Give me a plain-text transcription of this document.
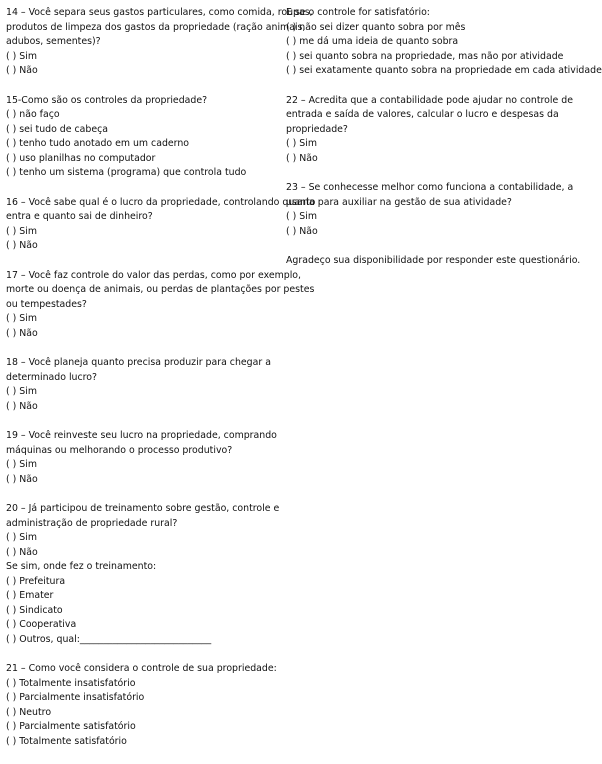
14 – Você separa seus gastos particulares, como comida, roupas,
produtos de limpeza dos gastos da propriedade (ração animais,
adubos, sementes)?
( ) Sim
( ) Não
15-Como são os controles da propriedade?
( ) não faço
( ) sei tudo de cabeça
( ) tenho tudo anotado em um caderno
( ) uso planilhas no computador
( ) tenho um sistema (programa) que controla tudo
16 – Você sabe qual é o lucro da propriedade, controlando quanto
entra e quanto sai de dinheiro?
( ) Sim
( ) Não
17 – Você faz controle do valor das perdas, como por exemplo,
morte ou doença de animais, ou perdas de plantações por pestes
ou tempestades?
( ) Sim
( ) Não
18 – Você planeja quanto precisa produzir para chegar a
determinado lucro?
( ) Sim
( ) Não
19 – Você reinveste seu lucro na propriedade, comprando
máquinas ou melhorando o processo produtivo?
( ) Sim
( ) Não
20 – Já participou de treinamento sobre gestão, controle e
administração de propriedade rural?
( ) Sim
( ) Não
Se sim, onde fez o treinamento:
( ) Prefeitura
( ) Emater
( ) Sindicato
( ) Cooperativa
( ) Outros, qual:____________________________
21 – Como você considera o controle de sua propriedade:
( ) Totalmente insatisfatório
( ) Parcialmente insatisfatório
( ) Neutro
( ) Parcialmente satisfatório
( ) Totalmente satisfatório
E se o controle for satisfatório:
( ) não sei dizer quanto sobra por mês
( ) me dá uma ideia de quanto sobra
( ) sei quanto sobra na propriedade, mas não por atividade
( ) sei exatamente quanto sobra na propriedade em cada atividade
22 – Acredita que a contabilidade pode ajudar no controle de
entrada e saída de valores, calcular o lucro e despesas da
propriedade?
( ) Sim
( ) Não
23 – Se conhecesse melhor como funciona a contabilidade, a
usaria para auxiliar na gestão de sua atividade?
( ) Sim
( ) Não
Agradeço sua disponibilidade por responder este questionário.
